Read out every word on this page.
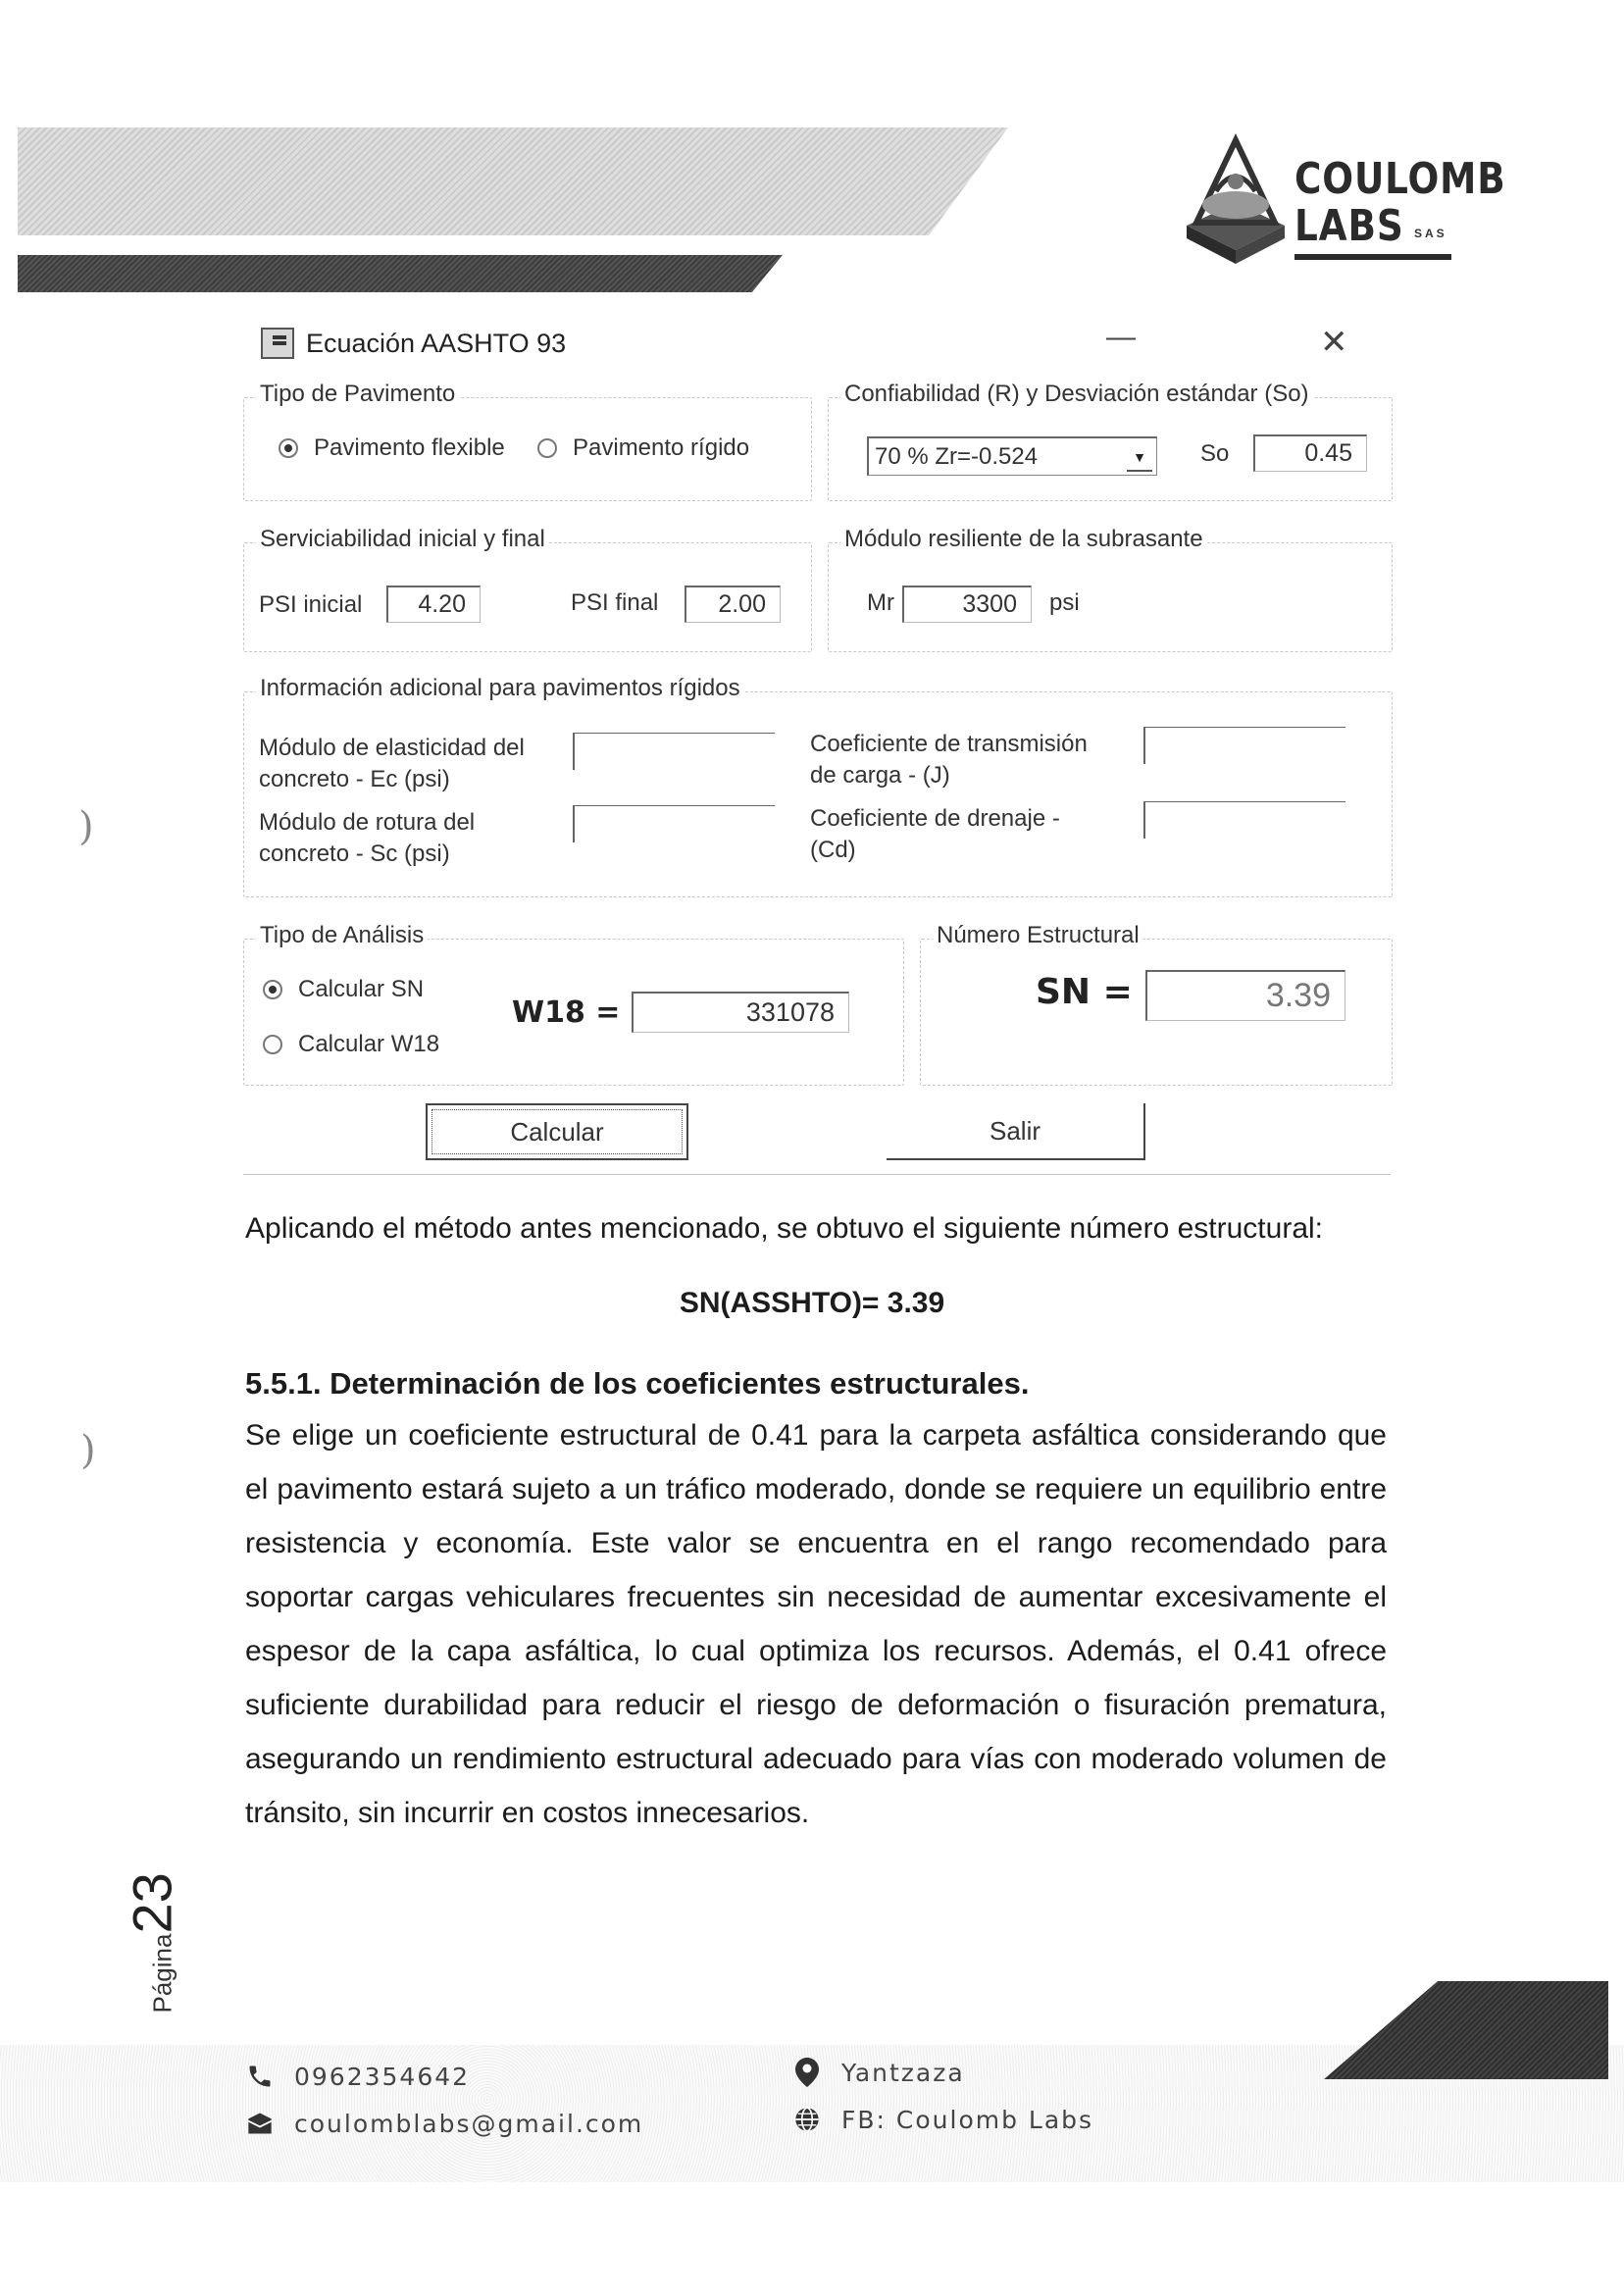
COULOMB
LABS SAS
Ecuación AASHTO 93	—	✕
Tipo de Pavimento
Pavimento flexible	Pavimento rígido
Confiabilidad (R) y Desviación estándar (So)
70 % Zr=-0.524	▼ So	0.45
Serviciabilidad inicial y final
PSI inicial	4.20	PSI final	2.00
Módulo resiliente de la subrasante
Mr	3300	psi
Información adicional para pavimentos rígidos
Módulo de elasticidad del
concreto - Ec (psi)
Coeficiente de transmisión
de carga - (J)
Módulo de rotura del
concreto - Sc (psi)
Coeficiente de drenaje -
(Cd)
Tipo de Análisis
Calcular SN
Calcular W18
W18 =	331078
Número Estructural
SN =	3.39
Calcular	Salir
Aplicando el método antes mencionado, se obtuvo el siguiente número estructural:
SN(ASSHTO)= 3.39
5.5.1. Determinación de los coeficientes estructurales.
Se elige un coeficiente estructural de 0.41 para la carpeta asfáltica considerando que el pavimento estará sujeto a un tráfico moderado, donde se requiere un equilibrio entre resistencia y economía. Este valor se encuentra en el rango recomendado para soportar cargas vehiculares frecuentes sin necesidad de aumentar excesivamente el espesor de la capa asfáltica, lo cual optimiza los recursos. Además, el 0.41 ofrece suficiente durabilidad para reducir el riesgo de deformación o fisuración prematura, asegurando un rendimiento estructural adecuado para vías con moderado volumen de tránsito, sin incurrir en costos innecesarios.
)
)
Página23
0962354642
coulomblabs@gmail.com
Yantzaza
FB: Coulomb Labs
